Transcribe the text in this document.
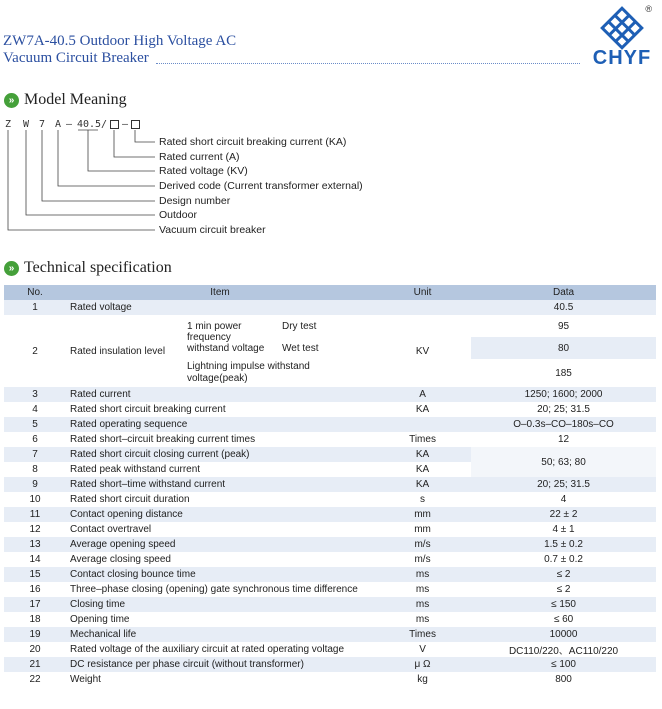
ZW7A-40.5 Outdoor High Voltage AC
Vacuum Circuit Breaker
®
CHYF
» Model Meaning
Z W 7 A – 40.5 / –
Rated short circuit breaking current (KA)
Rated current (A)
Rated voltage (KV)
Derived code (Current transformer external)
Design number
Outdoor
Vacuum circuit breaker
» Technical specification
No.	Item			Unit	Data
1	Rated voltage				40.5
2	Rated insulation level	1 min power frequency withstand voltage	Dry test	KV	95
			Wet test		80
		Lightning impulse withstand voltage(peak)			185
3	Rated current			A	1250; 1600; 2000
4	Rated short circuit breaking current			KA	20; 25; 31.5
5	Rated operating sequence				O–0.3s–CO–180s–CO
6	Rated short–circuit breaking current times			Times	12
7	Rated short circuit closing current (peak)			KA	50; 63; 80
8	Rated peak withstand current			KA	
9	Rated short–time withstand current			KA	20; 25; 31.5
10	Rated short circuit duration			s	4
11	Contact opening distance			mm	22 ± 2
12	Contact overtravel			mm	4 ± 1
13	Average opening speed			m/s	1.5 ± 0.2
14	Average closing speed			m/s	0.7 ± 0.2
15	Contact closing bounce time			ms	≤ 2
16	Three–phase closing (opening) gate synchronous time difference			ms	≤ 2
17	Closing time			ms	≤ 150
18	Opening time			ms	≤ 60
19	Mechanical life			Times	10000
20	Rated voltage of the auxiliary circuit at rated operating voltage			V	DC110/220、AC110/220
21	DC resistance per phase circuit (without transformer)			μ Ω	≤ 100
22	Weight			kg	800
